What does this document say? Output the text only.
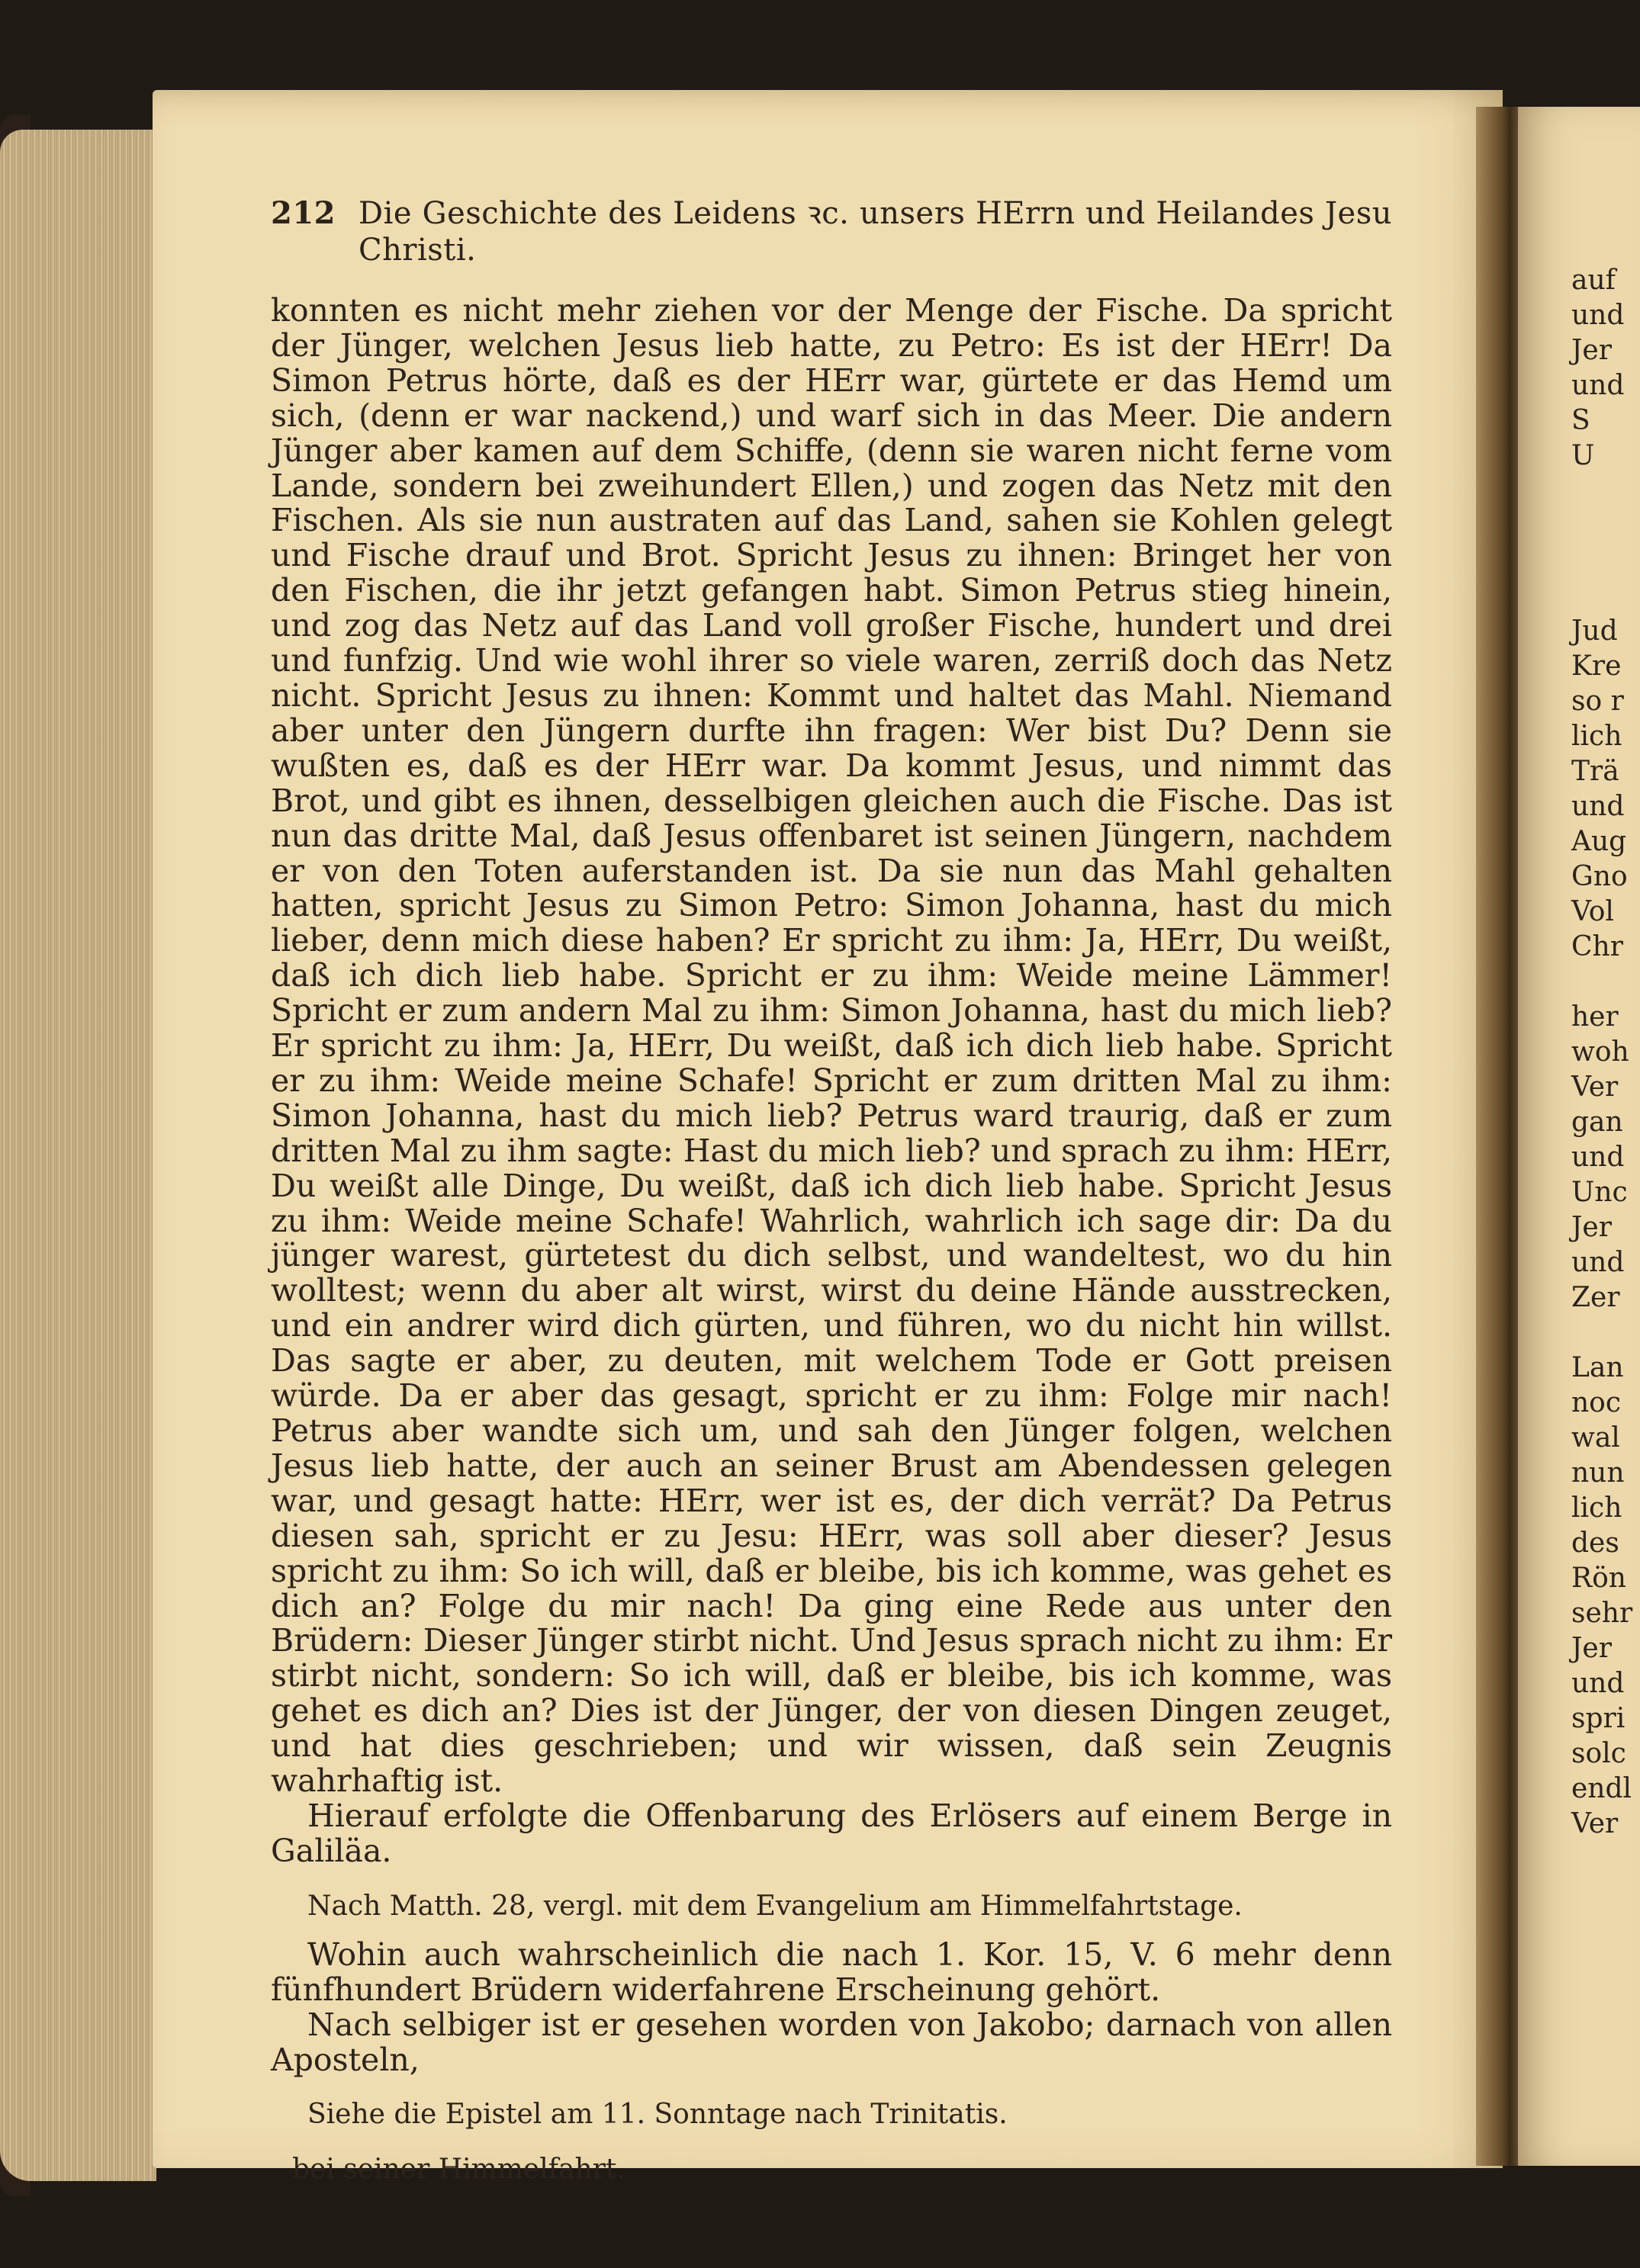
212 Die Geschichte des Leidens ꝛc. unsers HErrn und Heilandes Jesu Christi.

konnten es nicht mehr ziehen vor der Menge der Fische. Da spricht der Jünger, welchen Jesus lieb hatte, zu Petro: Es ist der HErr! Da Simon Petrus hörte, daß es der HErr war, gürtete er das Hemd um sich, (denn er war nackend,) und warf sich in das Meer. Die andern Jünger aber kamen auf dem Schiffe, (denn sie waren nicht ferne vom Lande, sondern bei zweihundert Ellen,) und zogen das Netz mit den Fischen. Als sie nun austraten auf das Land, sahen sie Kohlen gelegt und Fische drauf und Brot. Spricht Jesus zu ihnen: Bringet her von den Fischen, die ihr jetzt gefangen habt. Simon Petrus stieg hinein, und zog das Netz auf das Land voll großer Fische, hundert und drei und funfzig. Und wie wohl ihrer so viele waren, zerriß doch das Netz nicht. Spricht Jesus zu ihnen: Kommt und haltet das Mahl. Niemand aber unter den Jüngern durfte ihn fragen: Wer bist Du? Denn sie wußten es, daß es der HErr war. Da kommt Jesus, und nimmt das Brot, und gibt es ihnen, desselbigen gleichen auch die Fische. Das ist nun das dritte Mal, daß Jesus offenbaret ist seinen Jüngern, nachdem er von den Toten auferstanden ist. Da sie nun das Mahl gehalten hatten, spricht Jesus zu Simon Petro: Simon Johanna, hast du mich lieber, denn mich diese haben? Er spricht zu ihm: Ja, HErr, Du weißt, daß ich dich lieb habe. Spricht er zu ihm: Weide meine Lämmer! Spricht er zum andern Mal zu ihm: Simon Johanna, hast du mich lieb? Er spricht zu ihm: Ja, HErr, Du weißt, daß ich dich lieb habe. Spricht er zu ihm: Weide meine Schafe! Spricht er zum dritten Mal zu ihm: Simon Johanna, hast du mich lieb? Petrus ward traurig, daß er zum dritten Mal zu ihm sagte: Hast du mich lieb? und sprach zu ihm: HErr, Du weißt alle Dinge, Du weißt, daß ich dich lieb habe. Spricht Jesus zu ihm: Weide meine Schafe! Wahrlich, wahrlich ich sage dir: Da du jünger warest, gürtetest du dich selbst, und wandeltest, wo du hin wolltest; wenn du aber alt wirst, wirst du deine Hände ausstrecken, und ein andrer wird dich gürten, und führen, wo du nicht hin willst. Das sagte er aber, zu deuten, mit welchem Tode er Gott preisen würde. Da er aber das gesagt, spricht er zu ihm: Folge mir nach! Petrus aber wandte sich um, und sah den Jünger folgen, welchen Jesus lieb hatte, der auch an seiner Brust am Abendessen gelegen war, und gesagt hatte: HErr, wer ist es, der dich verrät? Da Petrus diesen sah, spricht er zu Jesu: HErr, was soll aber dieser? Jesus spricht zu ihm: So ich will, daß er bleibe, bis ich komme, was gehet es dich an? Folge du mir nach! Da ging eine Rede aus unter den Brüdern: Dieser Jünger stirbt nicht. Und Jesus sprach nicht zu ihm: Er stirbt nicht, sondern: So ich will, daß er bleibe, bis ich komme, was gehet es dich an? Dies ist der Jünger, der von diesen Dingen zeuget, und hat dies geschrieben; und wir wissen, daß sein Zeugnis wahrhaftig ist.

Hierauf erfolgte die Offenbarung des Erlösers auf einem Berge in Galiläa.

Nach Matth. 28, vergl. mit dem Evangelium am Himmelfahrtstage.

Wohin auch wahrscheinlich die nach 1. Kor. 15, V. 6 mehr denn fünfhundert Brüdern widerfahrene Erscheinung gehört.

Nach selbiger ist er gesehen worden von Jakobo; darnach von allen Aposteln,

Siehe die Epistel am 11. Sonntage nach Trinitatis.

bei seiner Himmelfahrt.

auf
und
Jer
und
S
U
Jud
Kre
so r
lich
Trä
und
Aug
Gno
Vol
Chr
her
woh
Ver
gan
und
Unc
Jer
und
Zer
Lan
noc
wal
nun
lich
des
Rön
sehr
Jer
und
spri
solc
endl
Ver
